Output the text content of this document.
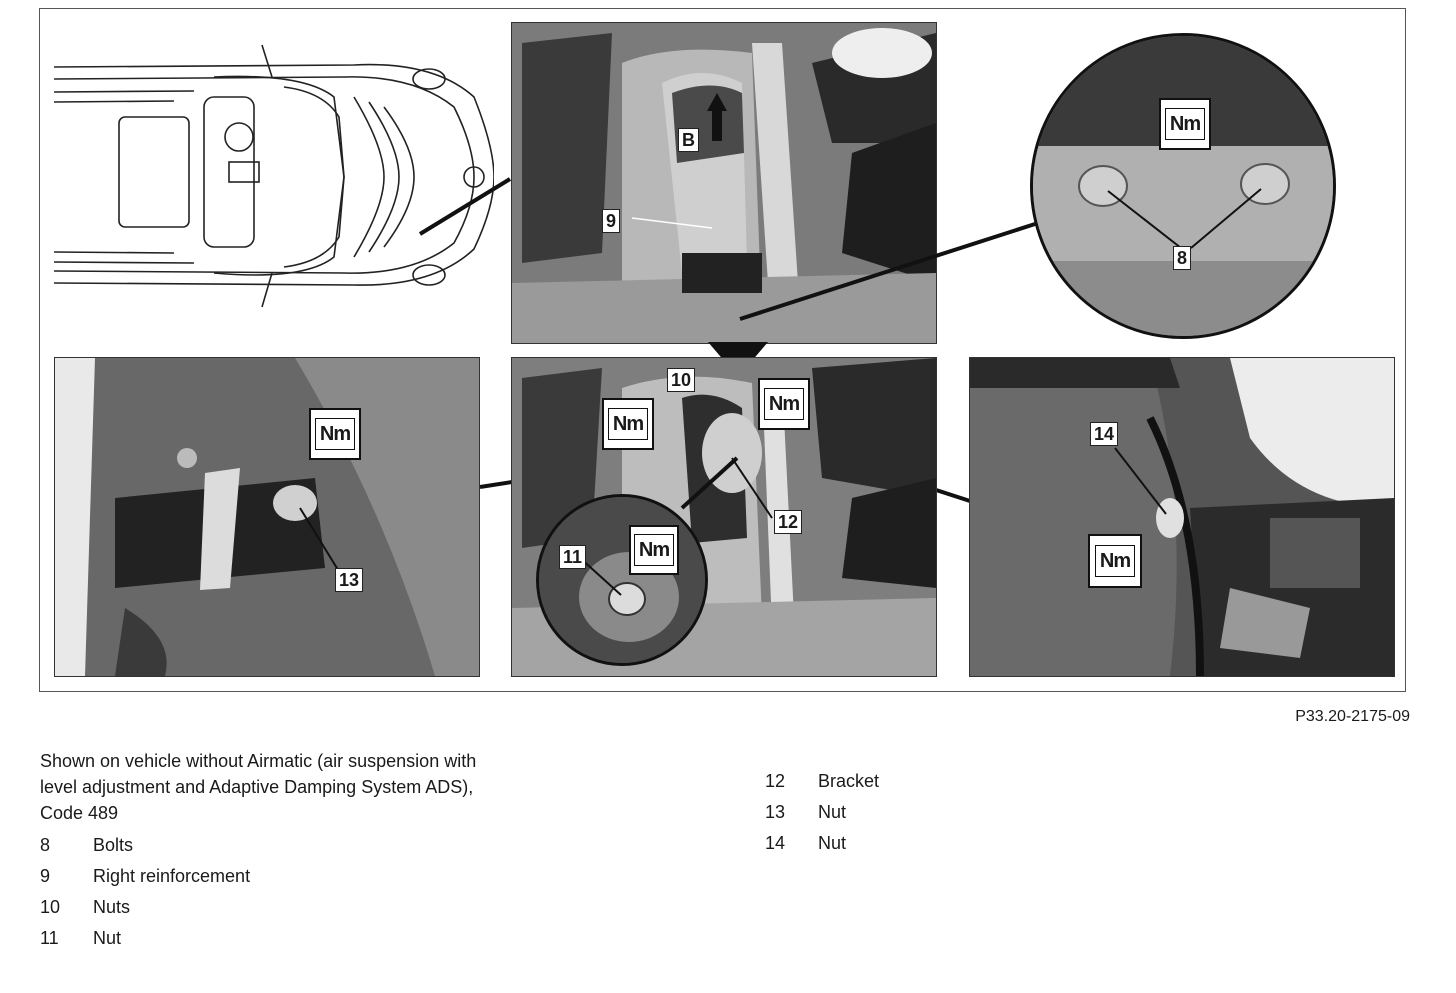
B
9
Nm
8
Nm
13
10
Nm
Nm
12
11	Nm
14
Nm
P33.20-2175-09
Shown on vehicle without Airmatic (air suspension with
level adjustment and Adaptive Damping System ADS),
Code 489
8	Bolts
9	Right reinforcement
10	Nuts
11	Nut
12	Bracket
13	Nut
14	Nut
